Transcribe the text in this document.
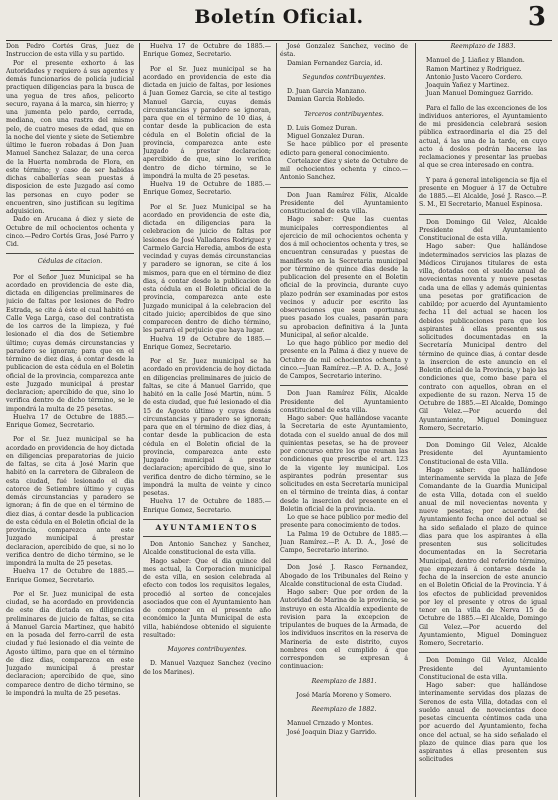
Boletín Oficial.	3

Don Pedro Cortés Gras, Juez de Instruccion de esta villa y su partido.

Por el presente exhorto á las Autoridades y requiero á sus agentes y demás funcionarios de policía judicial practiquen diligencias para la busca de una yegua de tres años, pelicorto securo, rayana á la marca, sin hierro; y una jumenta pelo pardo, cerrada, mediana, con una rastra del mismo pelo, de cuatro meses de edad, que en la noche del viente y siete de Setiembre último le fueron robadas á Don Juan Manuel Sanchez Salazar, de una cerca de la Huerta nombrada de Flora, en este término; y caso de ser habidas dichas caballerías sean puestas á disposicion de este Juzgado así como las personas en cuyo poder se encuentren, sino justifican su legítima adquisicion.

Dado en Arucana á diez y siete de Octubre de mil ochocientos ochenta y cinco.—Pedro Cortés Gras, José Parro y Cid.

Cédulas de citacion.

Por el Señor Juez Municipal se ha acordado en providencia de este dia, dictada en diligencias preliminares de juicio de faltas por lesiones de Pedro Estrada, se cite á éste el cual habitó en Calle Vega Larga, caso del contratista de los carros de la limpieza, y fué lesionado el dia dos de Setiembre último; cuyas demás circunstancias y paradero se ignoran; para que en el término de diez dias, á contar desde la publicacion de esta cédula en el Boletin oficial de la provincia, comparezca ante este Juzgado municipal á prestar declaracion; apercibido de que, sino lo verifica dentro de dicho término, se le impondrá la multa de 25 pesetas.

Huelva 17 de Octubre de 1885.—Enrique Gomez, Secretario.

Por el Sr. Juez municipal se ha acordado en providencia de hoy dictada en diligencias preparatorias de juicio de faltas, se cita á José Marin que habitó en la carretera de Gibraleon de esta ciudad, fué lesionado el dia catorce de Setiembre último y cuyas demás circunstancias y paradero se ignoran; á fin de que en el término de diez dias, á contar desde la publicacion de esta cédula en el Boletin oficial de la provincia, comparezca ante este Juzgado municipal á prestar declaracion, apercibido de que, si no lo verifica dentro de dicho término, se le impondrá la multa de 25 pesetas.

Huelva 17 de Octubre de 1885.—Enrique Gomez, Secretario.

Por el Sr. Juez municipal de esta ciudad, se ha acordado en providencia de este dia dictada en diligencias preliminares de juicio de faltas, se cita á Manuel Garcia Martinez, que habitó en la posada del ferro-carril de esta ciudad y fué lesionado el dia veinte de Agosto último, para que en el término de diez dias, comparezca en este Juzgado municipal á prestar declaracion; apercibido de que, sino comparece dentro de dicho término, se le impondrá la multa de 25 pesetas.

Huelva 17 de Octubre de 1885.—Enrique Gomez, Secretario.

Por el Sr. Juez municipal se ha acordado en providencia de este dia dictada en juicio de faltas, por lesiones á Juan Gomez Garcia, se cite al testigo Manuel Garcia, cuyas demás circunstancias y paradero se ignoran, para que en el término de 10 dias, á contar desde la publicacion de esta cédula en el Boletin oficial de la provincia, comparezca ante este Juzgado á prestar declaracion; apercibido de que, sino lo verifica dentro de dicho término, se le impondrá la multa de 25 pesetas.

Huelva 19 de Octubre de 1885.—Enrique Gomez, Secretario.

Por el Sr. Juez Municipal se ha acordado en providencia de este dia, dictada en diligencias para la celebracion de juicio de faltas por lesiones de José Valladares Rodriguez y Carmelo Garcia Heredia, ambos de esta vecindad y cuyas demás circunstancias y paradero se ignoran, se cite á los mismos, para que en el término de diez dias, á contar desde la publicacion de esta cédula en el Boletin oficial de la provincia, comparezca ante este Juzgado municipal á la celebracion del citado juicio; apercibidos de que sino comparecen dentro de dicho término, les parará el perjuicio que haya lugar.

Huelva 19 de Octubre de 1885.—Enrique Gomez, Secretario.

Por el Sr. Juez municipal se ha acordado en providencia de hoy dictada en diligencias preliminares de juicio de faltas, se cite á Manuel Garrido, que habitó en la calle José Martin, núm. 5 de esta ciudad, que fué lesionado el dia 15 de Agosto último y cuyas demás circunstancias y paradero se ignoran; para que en el término de diez dias, á contar desde la publicacion de esta cédula en el Boletin oficial de la provincia, comparezca ante este Juzgado municipal á prestar declaracion; apercibido de que, sino lo verifica dentro de dicho término, se le impondrá la multa de veinte y cinco pesetas.

Huelva 17 de Octubre de 1885.—Enrique Gomez, Secretario.

AYUNTAMIENTOS

Don Antonio Sanchez y Sanchez, Alcalde constitucional de esta villa.

Hago saber: Que el dia quince del mes actual, la Corporacion municipal de esta villa, en sesion celebrada al efecto con todos los requisitos legales, procedió al sorteo de concejales asociados que con el Ayuntamiento han de componer en el presente año económico la Junta Municipal de esta villa, habiéndose obtenido el siguiente resultado:

Mayores contribuyentes.

D. Manuel Vazquez Sanchez (vecino de los Marines).

José Gonzalez Sanchez, vecino de ésta.

Damian Fernandez Garcia, id.

Segundos contribuyentes.

D. Juan Garcia Manzano.

Damian Garcia Robledo.

Terceros contribuyentes.

D. Luis Gomez Duran.

Miguel Gonzalez Duran.

Se hace público por el presente edicto para general conocimiento.

Cortelazor diez y siete de Octubre de mil ochocientos ochenta y cinco.—Antonio Sanchez.

Don Juan Ramírez Félix, Alcalde Presidente del Ayuntamiento constitucional de esta villa.

Hago saber: Que las cuentas municipales correspondientes al ejercicio de mil ochocientos ochenta y dos á mil ochocientos ochenta y tres, se encuentran censuradas y puestas de manifiesto en la Secretaria municipal por término de quince dias desde la publicacion del presente en el Boletin oficial de la provincia, durante cuyo plazo podrán ser examinadas por estos vecinos y aducir por escrito las observaciones que sean oportunas; pues pasado los cuales, pasarán para su aprobacion definitiva á la Junta Municipal, al señor alcalde.

Lo que hago público por medio del presente en la Palma á diez y nueve de Octubre de mil ochocientos ochenta y cinco.—Juan Ramírez.—P. A. D. A., José de Campos, Secretario interino.

Don Juan Ramírez Félix, Alcalde Presidente del Ayuntamiento constitucional de esta villa.

Hago saber: Que hallándose vacante la Secretaria de este Ayuntamiento, dotada con el sueldo anual de dos mil quinientas pesetas, se ha de proveer por concurso entre los que reunan las condiciones que prescribe el art. 123 de la vigente ley municipal. Los aspirantes podrán presentar sus solicitudes en esta Secretaría municipal en el término de treinta dias, á contar desde la insercion del presente en el Boletin oficial de la provincia.

Lo que se hace público por medio del presente para conocimiento de todos.

La Palma 19 de Octubre de 1885.—Juan Ramírez.—P. A. D. A., José de Campo, Secretario interino.

Don José J. Rasco Fernandez, Abogado de los Tribunales del Reino y Alcalde constitucional de esta Ciudad.

Hago saber: Que por orden de la Autoridad de Marina de la provincia, se instruyo en esta Alcaldía expediente de revision para la excepcion de tripulantes de buques de la Armada, de los individuos inscritos en la reserva de Marineria de este distrito, cuyos nombres con el cumplido á que corresponden se expresan á continuacion:

Reemplazo de 1881.

José María Moreno y Somero.

Reemplazo de 1882.

Manuel Crnzado y Montes.

José Joaquin Diaz y Garrido.

Reemplazo de 1883.

Manuel de J. Liañez y Blandon.

Ramon Martinez y Rodriguez.

Antonio Justo Vacero Cordero.

Joaquin Yañez y Martinez.

Juan Manuel Dominguez Garrido.

Para el fallo de las excenciones de los individuos anteriores, el Ayuntamiento de mi presidencia celebrará sesion pública extraordinaria el dia 25 del actual, á las una de la tarde, en cuyo acto á doslos podrán hacerse las reclamaciones y presentar las pruebas al que se crea interesado en contra.

Y para á general inteligencia se fija el presente en Moguer á 17 de Octubre de 1885.—El Alcalde, José J. Rasco.—P. S. M., El Secretario, Manuel Espinosa.

Don Domingo Gil Velez, Alcalde Presidente del Ayuntamiento Constitucional de esta villa.

Hago saber: Que hallándose indeterminados servicios las plazas de Médicos Cirujanos titulares de esta villa, dotadas con el sueldo anual de novecientas noventa y nueve pesetas cada una de ellas y además quinientas una pesetas por gratificacion de cabildo; por acuerdo del Ayuntamiento fecha 11 del actual se hacen los debidos publicaciones para que los aspirantes á ellas presenten sus solicitudes documentadas en la Secretaría Municipal dentro del término de quince dias, á contar desde la insercion de este anuncio en el Boletin oficial de la Provincia, y bajo las condiciones que, como base para el contrato con aquellos, obran en el expediente de su razon. Nerva 15 de Octubre de 1885.—El Alcalde, Domingo Gil Velez.—Por acuerdo del Ayuntamiento, Miguel Dominguez Romero, Secretario.

Don Domingo Gil Velez, Alcalde Presidente del Ayuntamiento Constitucional de esta Villa.

Hago saber: que hallándose interinamente servida la plaza de Jefe Comandante de la Guardia Municipal de esta Villa, dotada con el sueldo anual de mil novecientas noventa y nueve pesetas; por acuerdo del Ayuntamiento fecha once del actual se ha sido señalado el plazo de quince dias para que los aspirantes á ella presenten sus solicitudes documentadas en la Secretaria Municipal, dentro del referido término, que empezará á contarse desde la fecha de la insercion de este anuncio en el Boletin Oficial de la Provincia. Y á los efectos de publicidad prevenidos por ley el presente y otros de igual tenor en la villa de Nerva 15 de Octubre de 1885.—El Alcalde, Domingo Gil Velez.—Por acuerdo del Ayuntamiento, Miguel Dominguez Romero, Secretario.

Don Domingo Gil Velez, Alcalde Presidente del Ayuntamiento Constitucional de esta villa.

Hago saber: que hallándose interinamente servidas dos plazas de Serenos de esta Villa, dotadas con el sueldo anual de novecientas doce pesetas cincuenta céntimos cada una por acuerdo del Ayuntamiento, fecha once del actual, se ha sido señalado el plazo de quince dias para que los aspirantes á ellas presenten sus solicitudes
